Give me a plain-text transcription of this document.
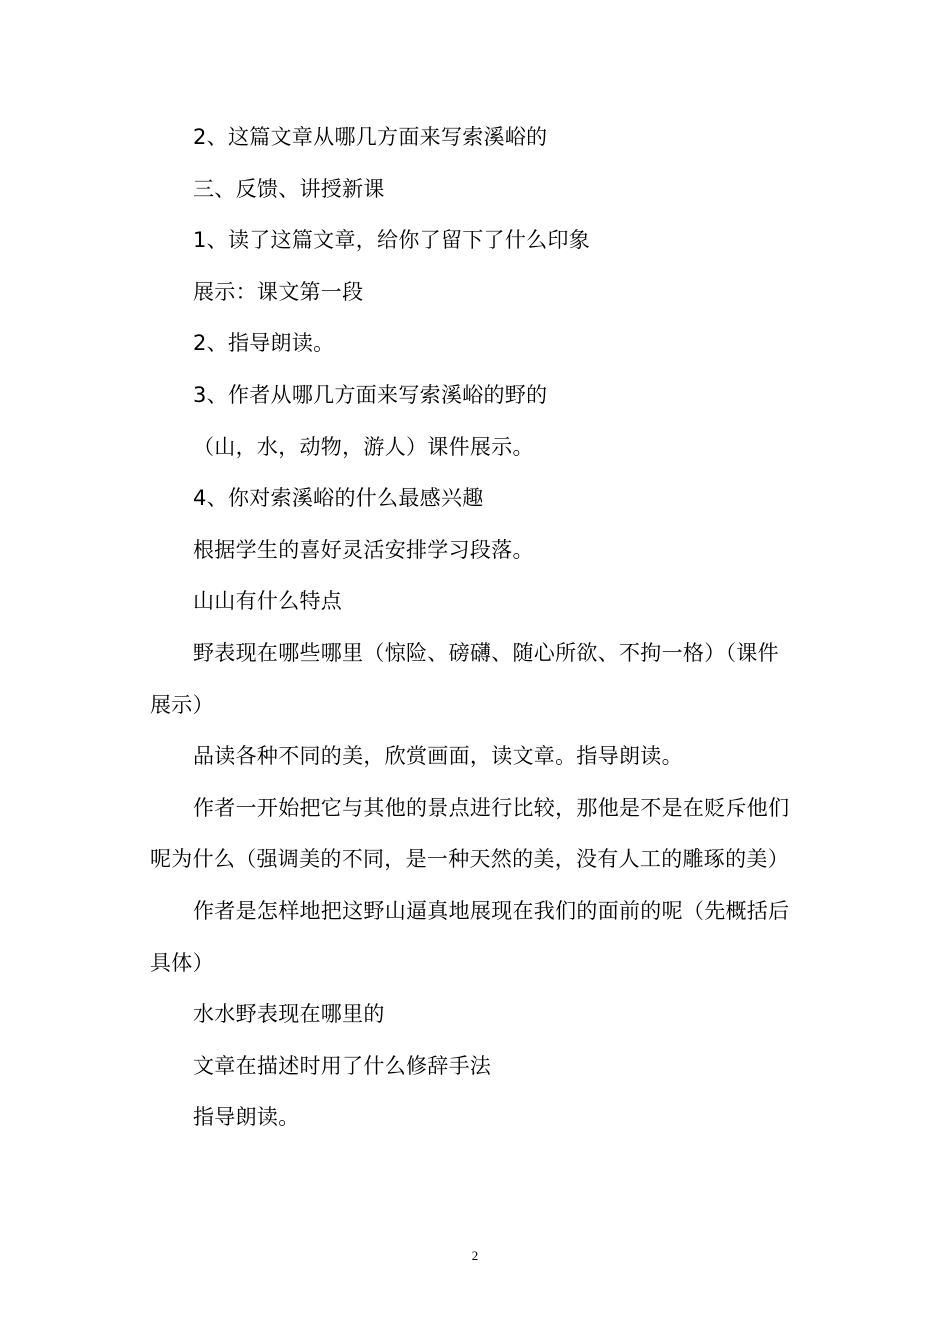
2、这篇文章从哪几方面来写索溪峪的

三、反馈、讲授新课

1、读了这篇文章，给你了留下了什么印象

展示：课文第一段

2、指导朗读。

3、作者从哪几方面来写索溪峪的野的

（山，水，动物，游人）课件展示。

4、你对索溪峪的什么最感兴趣

根据学生的喜好灵活安排学习段落。

山山有什么特点

野表现在哪些哪里（惊险、磅礴、随心所欲、不拘一格）（课件展示）

品读各种不同的美，欣赏画面，读文章。指导朗读。

作者一开始把它与其他的景点进行比较，那他是不是在贬斥他们呢为什么（强调美的不同，是一种天然的美，没有人工的雕琢的美）

作者是怎样地把这野山逼真地展现在我们的面前的呢（先概括后具体）

水水野表现在哪里的

文章在描述时用了什么修辞手法

指导朗读。

2
